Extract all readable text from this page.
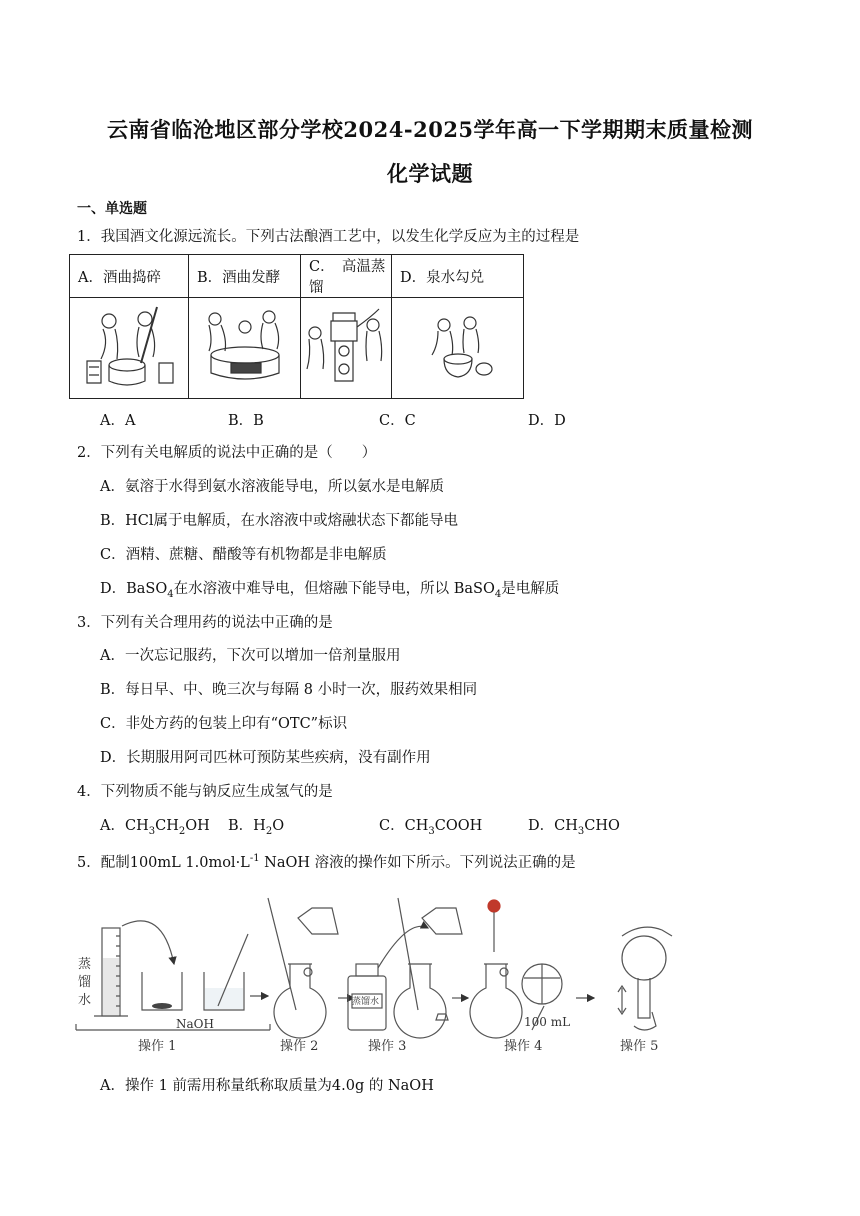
云南省临沧地区部分学校2024-2025学年高一下学期期末质量检测
化学试题
一、单选题
1．我国酒文化源远流长。下列古法酿酒工艺中，以发生化学反应为主的过程是
A．酒曲捣碎	B．酒曲发酵	C．　高温蒸馏	D．泉水勾兑

A．A	B．B	C．C	D．D
2．下列有关电解质的说法中正确的是（　　）
A．氨溶于水得到氨水溶液能导电，所以氨水是电解质
B．HCl属于电解质，在水溶液中或熔融状态下都能导电
C．酒精、蔗糖、醋酸等有机物都是非电解质
D．BaSO$_4$在水溶液中难导电，但熔融下能导电，所以 BaSO$_4$是电解质
3．下列有关合理用药的说法中正确的是
A．一次忘记服药，下次可以增加一倍剂量服用
B．每日早、中、晚三次与每隔 8 小时一次，服药效果相同
C．非处方药的包装上印有“OTC”标识
D．长期服用阿司匹林可预防某些疾病，没有副作用
4．下列物质不能与钠反应生成氢气的是
A．$CH_3CH_2OH$ B．$H_2O$	C．$CH_3COOH$	D．$CH_3CHO$
5．配制100mL $1.0mol\cdot L^{-1}$ NaOH 溶液的操作如下所示。下列说法正确的是
蒸
馏
水
NaOH
蒸馏水
100 mL
操作 1	操作 2	操作 3	操作 4	操作 5
A．操作 1 前需用称量纸称取质量为4.0g 的 NaOH
